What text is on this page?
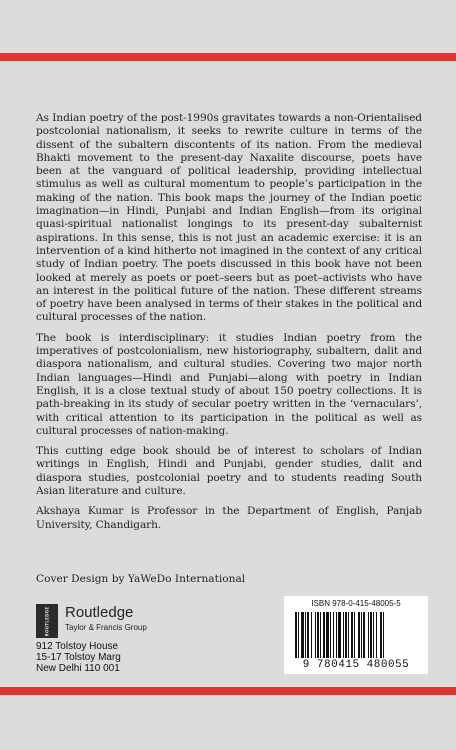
As Indian poetry of the post-1990s gravitates towards a non-Orientalised postcolonial nationalism, it seeks to rewrite culture in terms of the dissent of the subaltern discontents of its nation. From the medieval Bhakti movement to the present-day Naxalite discourse, poets have been at the vanguard of political leadership, providing intellectual stimulus as well as cultural momentum to people’s participation in the making of the nation. This book maps the journey of the Indian poetic imagination—in Hindi, Punjabi and Indian English—from its original quasi-spiritual nationalist longings to its present-day subalternist aspirations. In this sense, this is not just an academic exercise: it is an intervention of a kind hitherto not imagined in the context of any critical study of Indian poetry. The poets discussed in this book have not been looked at merely as poets or poet–seers but as poet–activists who have an interest in the political future of the nation. These different streams of poetry have been analysed in terms of their stakes in the political and cultural processes of the nation.

The book is interdisciplinary: it studies Indian poetry from the imperatives of postcolonialism, new historiography, subaltern, dalit and diaspora nationalism, and cultural studies. Covering two major north Indian languages—Hindi and Punjabi—along with poetry in Indian English, it is a close textual study of about 150 poetry collections. It is path-breaking in its study of secular poetry written in the ‘vernaculars’, with critical attention to its participation in the political as well as cultural processes of nation-making.

This cutting edge book should be of interest to scholars of Indian writings in English, Hindi and Punjabi, gender studies, dalit and diaspora studies, postcolonial poetry and to students reading South Asian literature and culture.

Akshaya Kumar is Professor in the Department of English, Panjab University, Chandigarh.

Cover Design by YaWeDo International
ROUTLEDGE Routledge
Taylor & Francis Group
912 Tolstoy House
15-17 Tolstoy Marg
New Delhi 110 001
ISBN 978-0-415-48005-5
9 780415 480055
